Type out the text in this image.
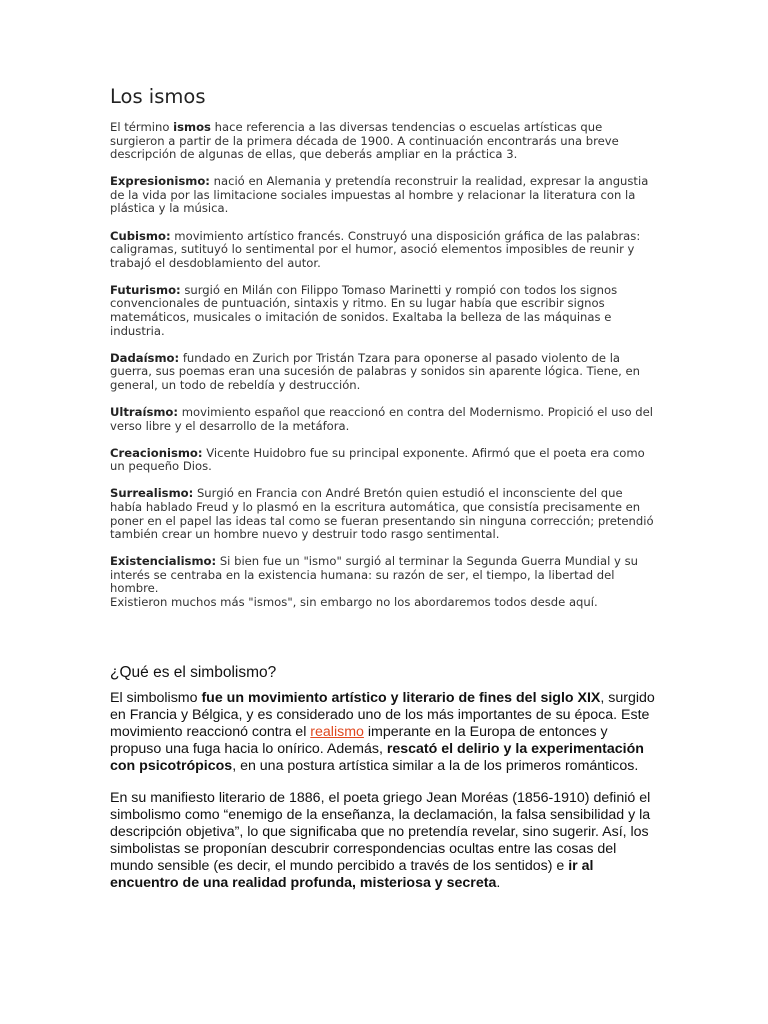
Los ismos

El término ismos hace referencia a las diversas tendencias o escuelas artísticas que surgieron a partir de la primera década de 1900. A continuación encontrarás una breve descripción de algunas de ellas, que deberás ampliar en la práctica 3.

Expresionismo: nació en Alemania y pretendía reconstruir la realidad, expresar la angustia de la vida por las limitacione sociales impuestas al hombre y relacionar la literatura con la plástica y la música.

Cubismo: movimiento artístico francés. Construyó una disposición gráfica de las palabras: caligramas, sutituyó lo sentimental por el humor, asoció elementos imposibles de reunir y trabajó el desdoblamiento del autor.

Futurismo: surgió en Milán con Filippo Tomaso Marinetti y rompió con todos los signos convencionales de puntuación, sintaxis y ritmo. En su lugar había que escribir signos matemáticos, musicales o imitación de sonidos. Exaltaba la belleza de las máquinas e industria.

Dadaísmo: fundado en Zurich por Tristán Tzara para oponerse al pasado violento de la guerra, sus poemas eran una sucesión de palabras y sonidos sin aparente lógica. Tiene, en general, un todo de rebeldía y destrucción.

Ultraísmo: movimiento español que reaccionó en contra del Modernismo. Propició el uso del verso libre y el desarrollo de la metáfora.

Creacionismo: Vicente Huidobro fue su principal exponente. Afirmó que el poeta era como un pequeño Dios.

Surrealismo: Surgió en Francia con André Bretón quien estudió el inconsciente del que había hablado Freud y lo plasmó en la escritura automática, que consistía precisamente en poner en el papel las ideas tal como se fueran presentando sin ninguna corrección; pretendió también crear un hombre nuevo y destruir todo rasgo sentimental.

Existencialismo: Si bien fue un "ismo" surgió al terminar la Segunda Guerra Mundial y su interés se centraba en la existencia humana: su razón de ser, el tiempo, la libertad del hombre.
Existieron muchos más "ismos", sin embargo no los abordaremos todos desde aquí.

¿Qué es el simbolismo?

El simbolismo fue un movimiento artístico y literario de fines del siglo XIX, surgido en Francia y Bélgica, y es considerado uno de los más importantes de su época. Este movimiento reaccionó contra el realismo imperante en la Europa de entonces y propuso una fuga hacia lo onírico. Además, rescató el delirio y la experimentación con psicotrópicos, en una postura artística similar a la de los primeros románticos.

En su manifiesto literario de 1886, el poeta griego Jean Moréas (1856-1910) definió el simbolismo como “enemigo de la enseñanza, la declamación, la falsa sensibilidad y la descripción objetiva”, lo que significaba que no pretendía revelar, sino sugerir. Así, los simbolistas se proponían descubrir correspondencias ocultas entre las cosas del mundo sensible (es decir, el mundo percibido a través de los sentidos) e ir al encuentro de una realidad profunda, misteriosa y secreta.
